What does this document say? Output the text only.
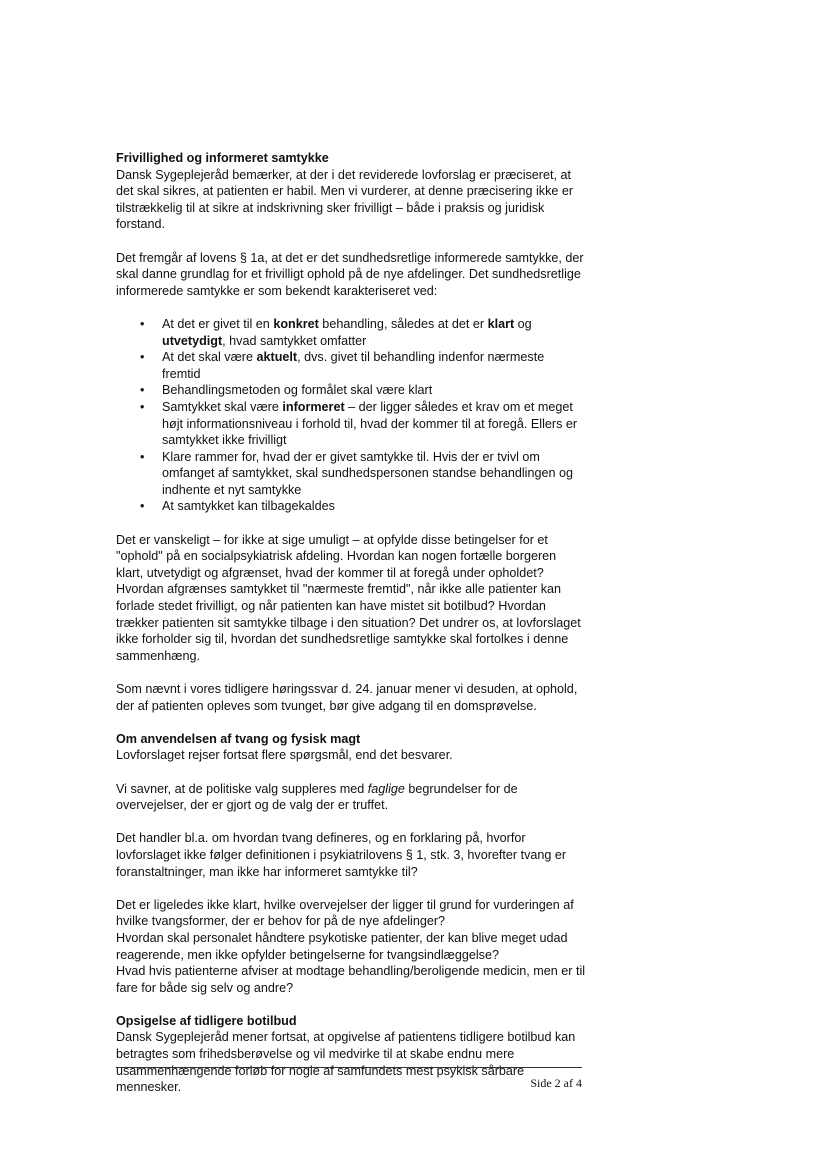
Frivillighed og informeret samtykke

Dansk Sygeplejeråd bemærker, at der i det reviderede lovforslag er præciseret, at det skal sikres, at patienten er habil. Men vi vurderer, at denne præcisering ikke er tilstrækkelig til at sikre at indskrivning sker frivilligt – både i praksis og juridisk forstand.

Det fremgår af lovens § 1a, at det er det sundhedsretlige informerede samtykke, der skal danne grundlag for et frivilligt ophold på de nye afdelinger. Det sundhedsretlige informerede samtykke er som bekendt karakteriseret ved:

• At det er givet til en konkret behandling, således at det er klart og utvetydigt, hvad samtykket omfatter
• At det skal være aktuelt, dvs. givet til behandling indenfor nærmeste fremtid
• Behandlingsmetoden og formålet skal være klart
• Samtykket skal være informeret – der ligger således et krav om et meget højt informationsniveau i forhold til, hvad der kommer til at foregå. Ellers er samtykket ikke frivilligt
• Klare rammer for, hvad der er givet samtykke til. Hvis der er tvivl om omfanget af samtykket, skal sundhedspersonen standse behandlingen og indhente et nyt samtykke
• At samtykket kan tilbagekaldes

Det er vanskeligt – for ikke at sige umuligt – at opfylde disse betingelser for et "ophold" på en socialpsykiatrisk afdeling. Hvordan kan nogen fortælle borgeren klart, utvetydigt og afgrænset, hvad der kommer til at foregå under opholdet? Hvordan afgrænses samtykket til "nærmeste fremtid", når ikke alle patienter kan forlade stedet frivilligt, og når patienten kan have mistet sit botilbud? Hvordan trækker patienten sit samtykke tilbage i den situation? Det undrer os, at lovforslaget ikke forholder sig til, hvordan det sundhedsretlige samtykke skal fortolkes i denne sammenhæng.

Som nævnt i vores tidligere høringssvar d. 24. januar mener vi desuden, at ophold, der af patienten opleves som tvunget, bør give adgang til en domsprøvelse.

Om anvendelsen af tvang og fysisk magt

Lovforslaget rejser fortsat flere spørgsmål, end det besvarer.

Vi savner, at de politiske valg suppleres med faglige begrundelser for de overvejelser, der er gjort og de valg der er truffet.

Det handler bl.a. om hvordan tvang defineres, og en forklaring på, hvorfor lovforslaget ikke følger definitionen i psykiatrilovens § 1, stk. 3, hvorefter tvang er foranstaltninger, man ikke har informeret samtykke til?

Det er ligeledes ikke klart, hvilke overvejelser der ligger til grund for vurderingen af hvilke tvangsformer, der er behov for på de nye afdelinger?
Hvordan skal personalet håndtere psykotiske patienter, der kan blive meget udad reagerende, men ikke opfylder betingelserne for tvangsindlæggelse?
Hvad hvis patienterne afviser at modtage behandling/beroligende medicin, men er til fare for både sig selv og andre?

Opsigelse af tidligere botilbud

Dansk Sygeplejeråd mener fortsat, at opgivelse af patientens tidligere botilbud kan betragtes som frihedsberøvelse og vil medvirke til at skabe endnu mere usammenhængende forløb for nogle af samfundets mest psykisk sårbare mennesker.	Side 2 af 4
